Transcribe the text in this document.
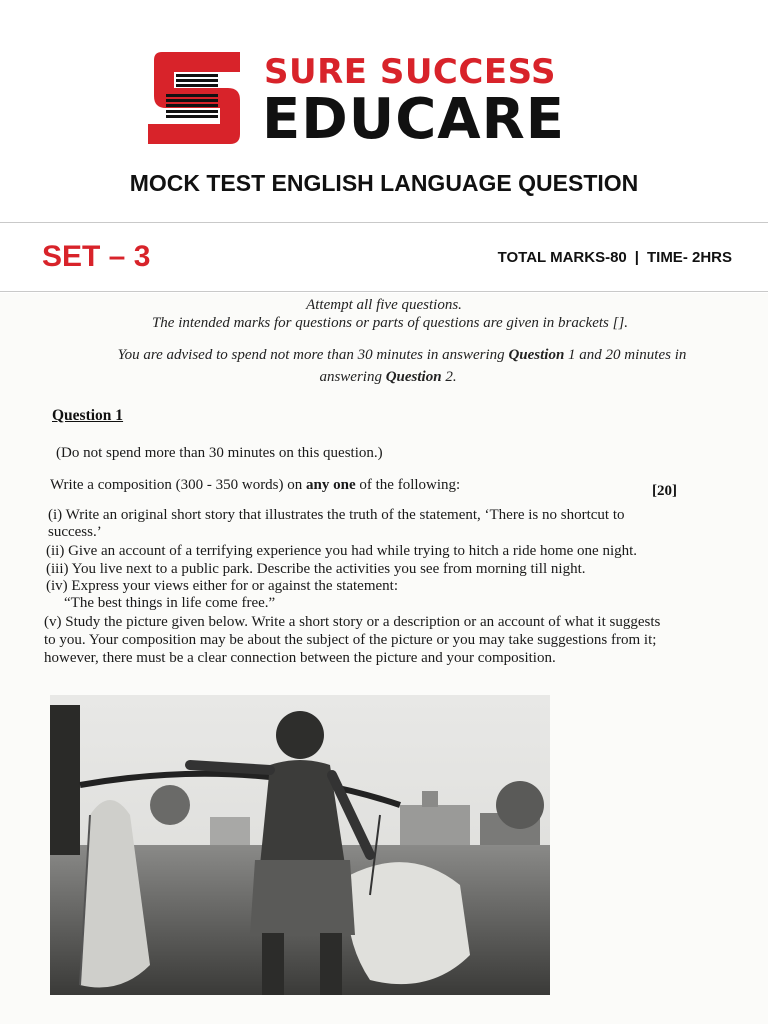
SURE SUCCESS
EDUCARE
MOCK TEST ENGLISH LANGUAGE QUESTION
SET – 3	TOTAL MARKS-80 | TIME- 2HRS
Attempt all five questions.
The intended marks for questions or parts of questions are given in brackets [].
You are advised to spend not more than 30 minutes in answering Question 1 and 20 minutes in
answering Question 2.
Question 1
(Do not spend more than 30 minutes on this question.)
Write a composition (300 - 350 words) on any one of the following:	[20]
(i) Write an original short story that illustrates the truth of the statement, ‘There is no shortcut to
success.’
(ii) Give an account of a terrifying experience you had while trying to hitch a ride home one night.
(iii) You live next to a public park. Describe the activities you see from morning till night.
(iv) Express your views either for or against the statement:
“The best things in life come free.”
(v) Study the picture given below. Write a short story or a description or an account of what it suggests
to you. Your composition may be about the subject of the picture or you may take suggestions from it;
however, there must be a clear connection between the picture and your composition.
